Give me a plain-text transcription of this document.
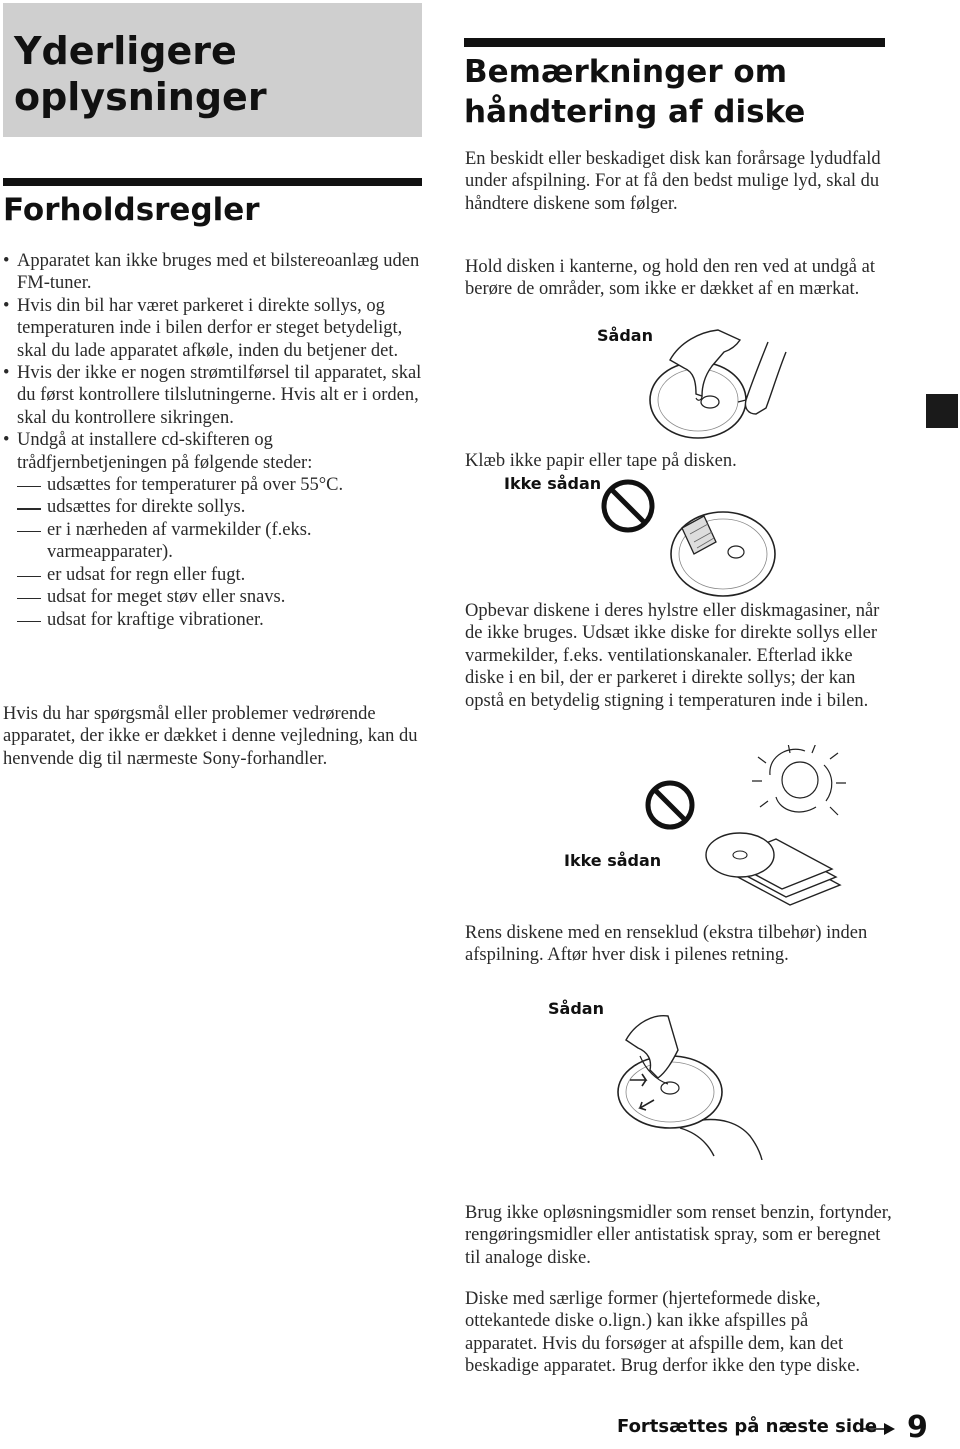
Yderligere oplysninger
Forholdsregler
• Apparatet kan ikke bruges med et bilstereoanlæg uden FM-tuner.
• Hvis din bil har været parkeret i direkte sollys, og temperaturen inde i bilen derfor er steget betydeligt, skal du lade apparatet afkøle, inden du betjener det.
• Hvis der ikke er nogen strømtilførsel til apparatet, skal du først kontrollere tilslutningerne. Hvis alt er i orden, skal du kontrollere sikringen.
• Undgå at installere cd-skifteren og trådfjernbetjeningen på følgende steder:
udsættes for temperaturer på over 55°C.
udsættes for direkte sollys.
er i nærheden af varmekilder (f.eks. varmeapparater).
er udsat for regn eller fugt.
udsat for meget støv eller snavs.
udsat for kraftige vibrationer.
Hvis du har spørgsmål eller problemer vedrørende apparatet, der ikke er dækket i denne vejledning, kan du henvende dig til nærmeste Sony-forhandler.
Bemærkninger om håndtering af diske
En beskidt eller beskadiget disk kan forårsage lydudfald under afspilning. For at få den bedst mulige lyd, skal du håndtere diskene som følger.
Hold disken i kanterne, og hold den ren ved at undgå at berøre de områder, som ikke er dækket af en mærkat.
Sådan
Klæb ikke papir eller tape på disken.
Ikke sådan
Opbevar diskene i deres hylstre eller diskmagasiner, når de ikke bruges. Udsæt ikke diske for direkte sollys eller varmekilder, f.eks. ventilationskanaler. Efterlad ikke diske i en bil, der er parkeret i direkte sollys; der kan opstå en betydelig stigning i temperaturen inde i bilen.
Ikke sådan
Rens diskene med en renseklud (ekstra tilbehør) inden afspilning. Aftør hver disk i pilenes retning.
Sådan
Brug ikke opløsningsmidler som renset benzin, fortynder, rengøringsmidler eller antistatisk spray, som er beregnet til analoge diske.
Diske med særlige former (hjerteformede diske, ottekantede diske o.lign.) kan ikke afspilles på apparatet. Hvis du forsøger at afspille dem, kan det beskadige apparatet. Brug derfor ikke den type diske.
Fortsættes på næste side 9
